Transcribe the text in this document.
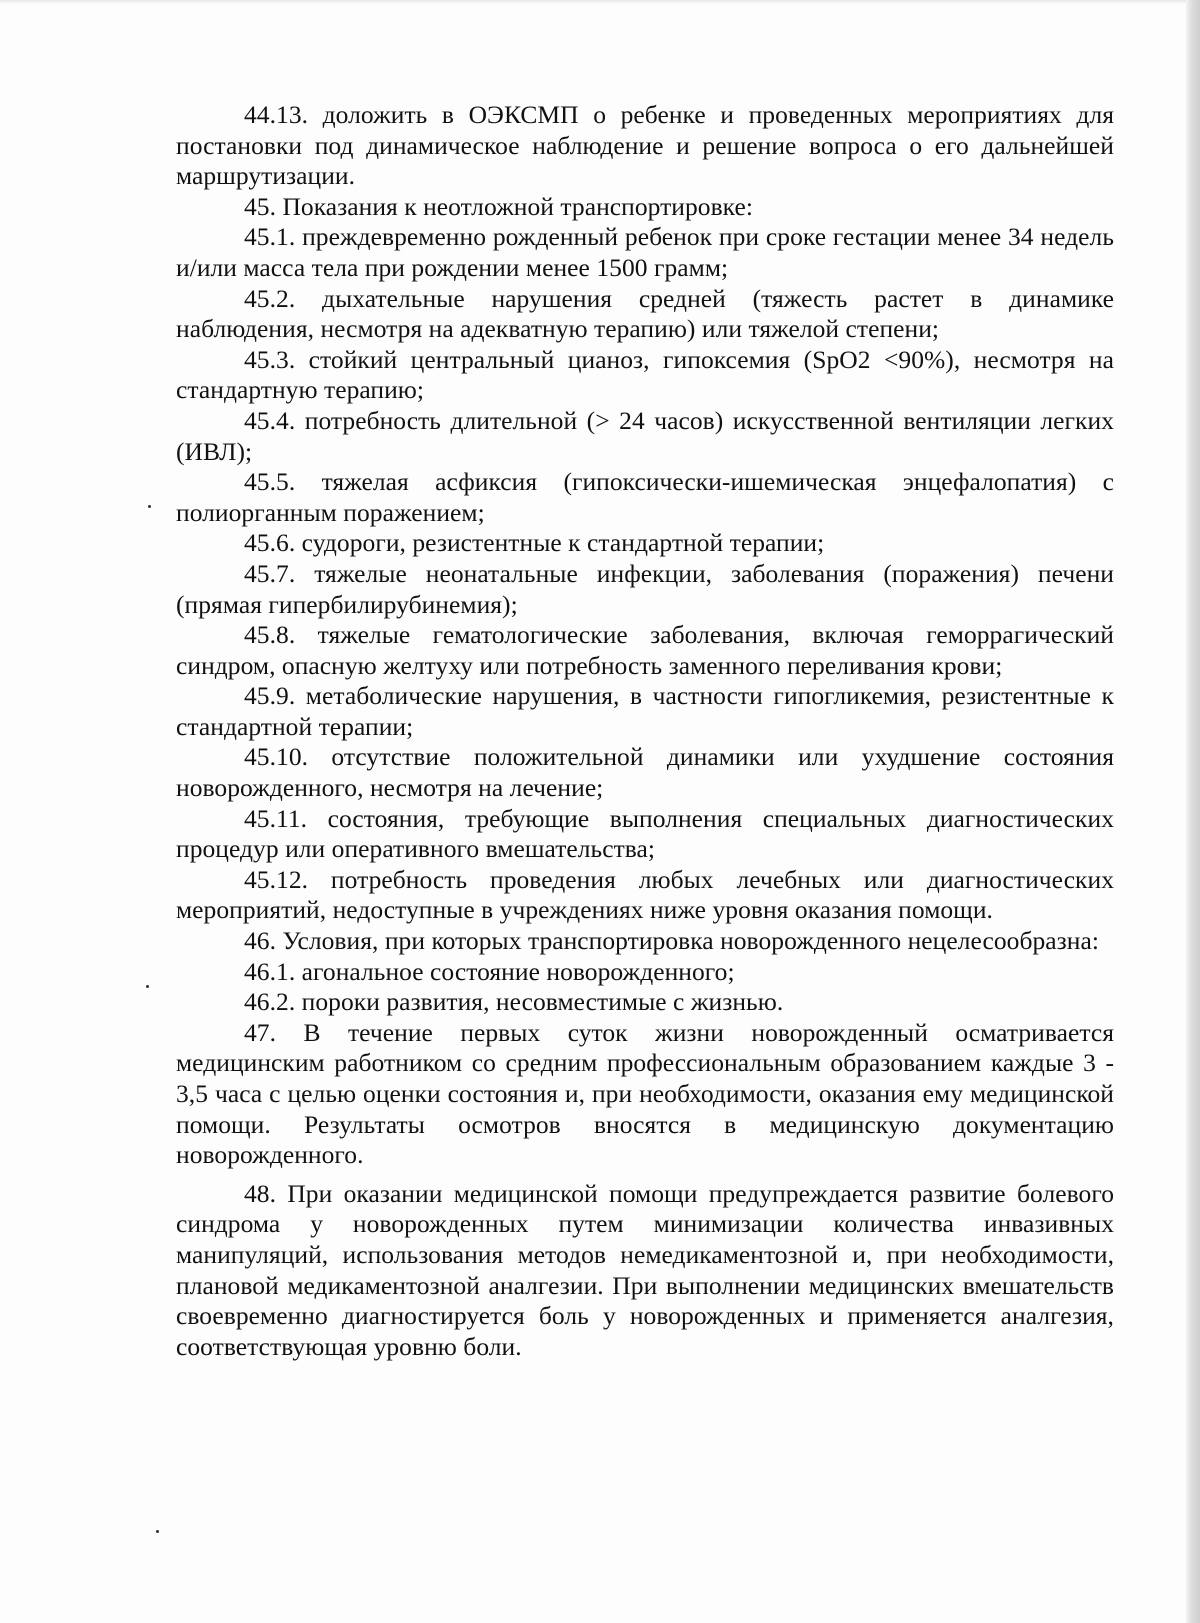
44.13. доложить в ОЭКСМП о ребенке и проведенных мероприятиях для постановки под динамическое наблюдение и решение вопроса о его дальнейшей маршрутизации.

45. Показания к неотложной транспортировке:

45.1. преждевременно рожденный ребенок при сроке гестации менее 34 недель и/или масса тела при рождении менее 1500 грамм;

45.2. дыхательные нарушения средней (тяжесть растет в динамике наблюдения, несмотря на адекватную терапию) или тяжелой степени;

45.3. стойкий центральный цианоз, гипоксемия (SpO2 <90%), несмотря на стандартную терапию;

45.4. потребность длительной (> 24 часов) искусственной вентиляции легких (ИВЛ);

45.5. тяжелая асфиксия (гипоксически-ишемическая энцефалопатия) с полиорганным поражением;

45.6. судороги, резистентные к стандартной терапии;

45.7. тяжелые неонатальные инфекции, заболевания (поражения) печени (прямая гипербилирубинемия);

45.8. тяжелые гематологические заболевания, включая геморрагический синдром, опасную желтуху или потребность заменного переливания крови;

45.9. метаболические нарушения, в частности гипогликемия, резистентные к стандартной терапии;

45.10. отсутствие положительной динамики или ухудшение состояния новорожденного, несмотря на лечение;

45.11. состояния, требующие выполнения специальных диагностических процедур или оперативного вмешательства;

45.12. потребность проведения любых лечебных или диагностических мероприятий, недоступные в учреждениях ниже уровня оказания помощи.

46. Условия, при которых транспортировка новорожденного нецелесообразна:

46.1. агональное состояние новорожденного;

46.2. пороки развития, несовместимые с жизнью.

47. В течение первых суток жизни новорожденный осматривается медицинским работником со средним профессиональным образованием каждые 3 - 3,5 часа с целью оценки состояния и, при необходимости, оказания ему медицинской помощи. Результаты осмотров вносятся в медицинскую документацию новорожденного.

48. При оказании медицинской помощи предупреждается развитие болевого синдрома у новорожденных путем минимизации количества инвазивных манипуляций, использования методов немедикаментозной и, при необходимости, плановой медикаментозной аналгезии. При выполнении медицинских вмешательств своевременно диагностируется боль у новорожденных и применяется аналгезия, соответствующая уровню боли.
